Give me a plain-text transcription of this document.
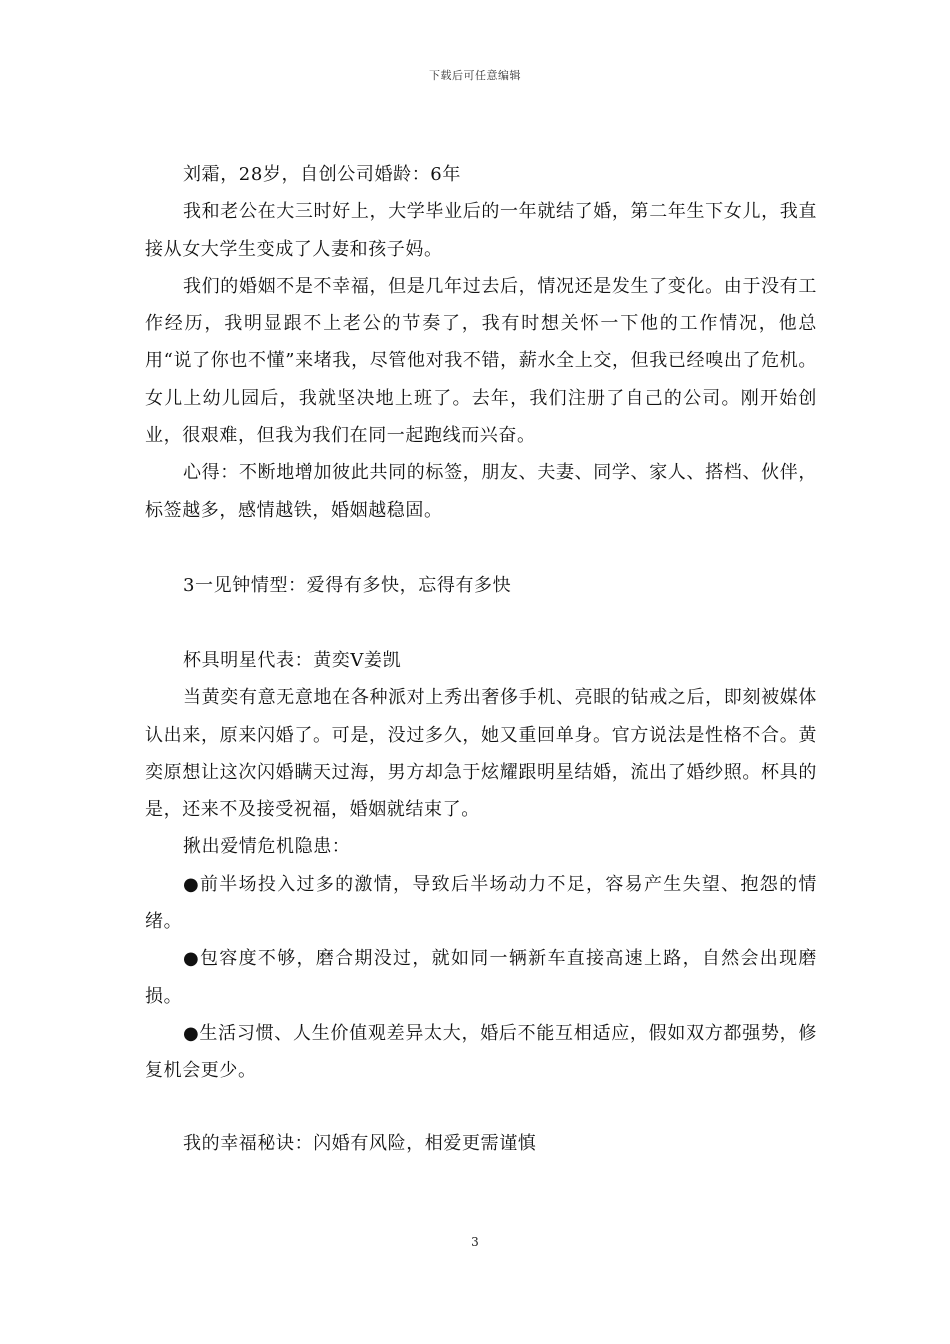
下载后可任意编辑

刘霜，28岁，自创公司婚龄：6年

我和老公在大三时好上，大学毕业后的一年就结了婚，第二年生下女儿，我直接从女大学生变成了人妻和孩子妈。

我们的婚姻不是不幸福，但是几年过去后，情况还是发生了变化。由于没有工作经历，我明显跟不上老公的节奏了，我有时想关怀一下他的工作情况，他总用“说了你也不懂”来堵我，尽管他对我不错，薪水全上交，但我已经嗅出了危机。女儿上幼儿园后，我就坚决地上班了。去年，我们注册了自己的公司。刚开始创业，很艰难，但我为我们在同一起跑线而兴奋。

心得：不断地增加彼此共同的标签，朋友、夫妻、同学、家人、搭档、伙伴，标签越多，感情越铁，婚姻越稳固。

3一见钟情型：爱得有多快，忘得有多快

杯具明星代表：黄奕V姜凯

当黄奕有意无意地在各种派对上秀出奢侈手机、亮眼的钻戒之后，即刻被媒体认出来，原来闪婚了。可是，没过多久，她又重回单身。官方说法是性格不合。黄奕原想让这次闪婚瞒天过海，男方却急于炫耀跟明星结婚，流出了婚纱照。杯具的是，还来不及接受祝福，婚姻就结束了。

揪出爱情危机隐患：

●前半场投入过多的激情，导致后半场动力不足，容易产生失望、抱怨的情绪。

●包容度不够，磨合期没过，就如同一辆新车直接高速上路，自然会出现磨损。

●生活习惯、人生价值观差异太大，婚后不能互相适应，假如双方都强势，修复机会更少。

我的幸福秘诀：闪婚有风险，相爱更需谨慎

3
